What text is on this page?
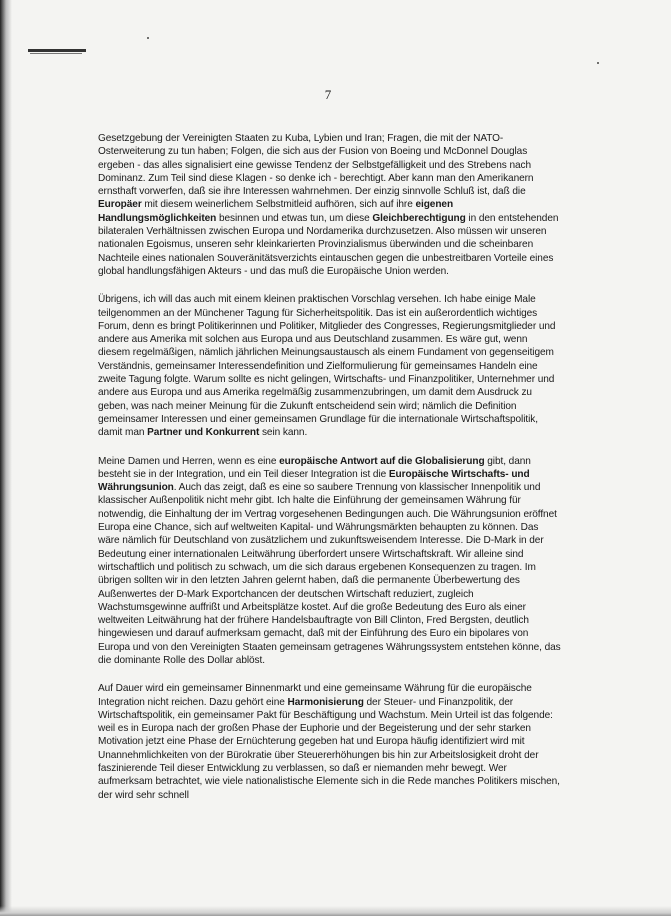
7

Gesetzgebung der Vereinigten Staaten zu Kuba, Lybien und Iran; Fragen, die mit der NATO-Osterweiterung zu tun haben; Folgen, die sich aus der Fusion von Boeing und McDonnel Douglas ergeben - das alles signalisiert eine gewisse Tendenz der Selbstgefälligkeit und des Strebens nach Dominanz. Zum Teil sind diese Klagen - so denke ich - berechtigt. Aber kann man den Amerikanern ernsthaft vorwerfen, daß sie ihre Interessen wahrnehmen. Der einzig sinnvolle Schluß ist, daß die Europäer mit diesem weinerlichem Selbstmitleid aufhören, sich auf ihre eigenen Handlungsmöglichkeiten besinnen und etwas tun, um diese Gleichberechtigung in den entstehenden bilateralen Verhältnissen zwischen Europa und Nordamerika durchzusetzen. Also müssen wir unseren nationalen Egoismus, unseren sehr kleinkarierten Provinzialismus überwinden und die scheinbaren Nachteile eines nationalen Souveränitätsverzichts eintauschen gegen die unbestreitbaren Vorteile eines global handlungsfähigen Akteurs - und das muß die Europäische Union werden.

Übrigens, ich will das auch mit einem kleinen praktischen Vorschlag versehen. Ich habe einige Male teilgenommen an der Münchener Tagung für Sicherheitspolitik. Das ist ein außerordentlich wichtiges Forum, denn es bringt Politikerinnen und Politiker, Mitglieder des Congresses, Regierungsmitglieder und andere aus Amerika mit solchen aus Europa und aus Deutschland zusammen. Es wäre gut, wenn diesem regelmäßigen, nämlich jährlichen Meinungsaustausch als einem Fundament von gegenseitigem Verständnis, gemeinsamer Interessendefinition und Zielformulierung für gemeinsames Handeln eine zweite Tagung folgte. Warum sollte es nicht gelingen, Wirtschafts- und Finanzpolitiker, Unternehmer und andere aus Europa und aus Amerika regelmäßig zusammenzubringen, um damit dem Ausdruck zu geben, was nach meiner Meinung für die Zukunft entscheidend sein wird; nämlich die Definition gemeinsamer Interessen und einer gemeinsamen Grundlage für die internationale Wirtschaftspolitik, damit man Partner und Konkurrent sein kann.

Meine Damen und Herren, wenn es eine europäische Antwort auf die Globalisierung gibt, dann besteht sie in der Integration, und ein Teil dieser Integration ist die Europäische Wirtschafts- und Währungsunion. Auch das zeigt, daß es eine so saubere Trennung von klassischer Innenpolitik und klassischer Außenpolitik nicht mehr gibt. Ich halte die Einführung der gemeinsamen Währung für notwendig, die Einhaltung der im Vertrag vorgesehenen Bedingungen auch. Die Währungsunion eröffnet Europa eine Chance, sich auf weltweiten Kapital- und Währungsmärkten behaupten zu können. Das wäre nämlich für Deutschland von zusätzlichem und zukunftsweisendem Interesse. Die D-Mark in der Bedeutung einer internationalen Leitwährung überfordert unsere Wirtschaftskraft. Wir alleine sind wirtschaftlich und politisch zu schwach, um die sich daraus ergebenen Konsequenzen zu tragen. Im übrigen sollten wir in den letzten Jahren gelernt haben, daß die permanente Überbewertung des Außenwertes der D-Mark Exportchancen der deutschen Wirtschaft reduziert, zugleich Wachstumsgewinne auffrißt und Arbeitsplätze kostet. Auf die große Bedeutung des Euro als einer weltweiten Leitwährung hat der frühere Handelsbauftragte von Bill Clinton, Fred Bergsten, deutlich hingewiesen und darauf aufmerksam gemacht, daß mit der Einführung des Euro ein bipolares von Europa und von den Vereinigten Staaten gemeinsam getragenes Währungssystem entstehen könne, das die dominante Rolle des Dollar ablöst.

Auf Dauer wird ein gemeinsamer Binnenmarkt und eine gemeinsame Währung für die europäische Integration nicht reichen. Dazu gehört eine Harmonisierung der Steuer- und Finanzpolitik, der Wirtschaftspolitik, ein gemeinsamer Pakt für Beschäftigung und Wachstum. Mein Urteil ist das folgende: weil es in Europa nach der großen Phase der Euphorie und der Begeisterung und der sehr starken Motivation jetzt eine Phase der Ernüchterung gegeben hat und Europa häufig identifiziert wird mit Unannehmlichkeiten von der Bürokratie über Steuererhöhungen bis hin zur Arbeitslosigkeit droht der faszinierende Teil dieser Entwicklung zu verblassen, so daß er niemanden mehr bewegt. Wer aufmerksam betrachtet, wie viele nationalistische Elemente sich in die Rede manches Politikers mischen, der wird sehr schnell
